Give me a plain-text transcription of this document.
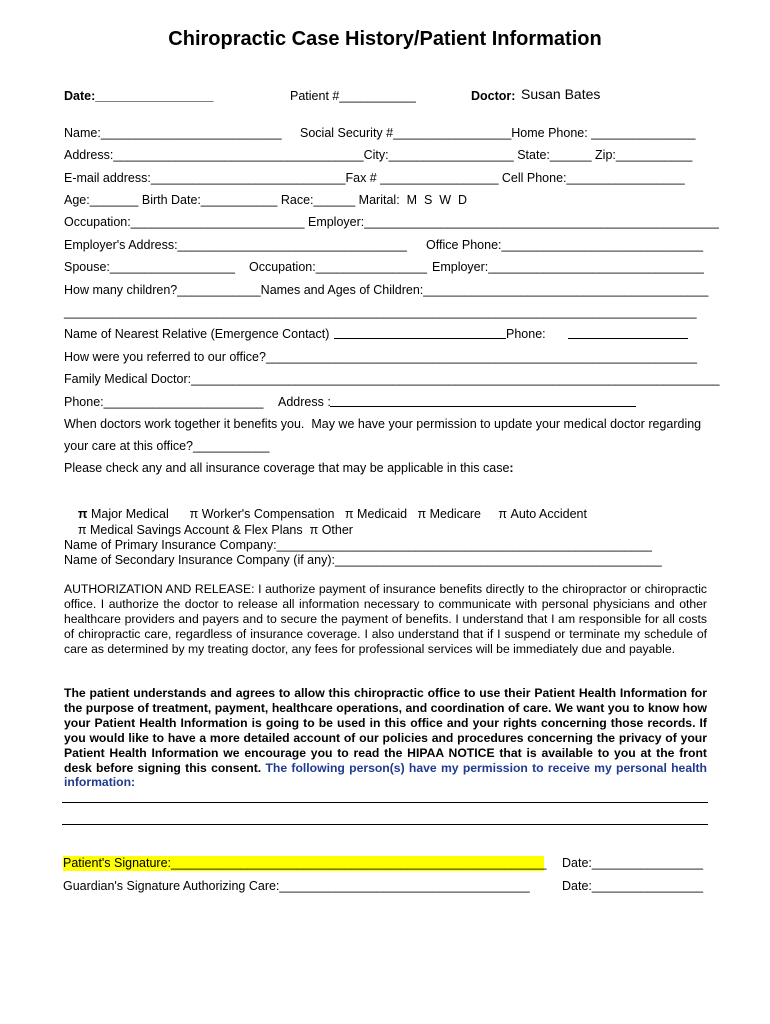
Chiropractic Case History/Patient Information
Date:_________________	Patient #___________	Doctor: Susan Bates
Name:__________________________ Social Security #_________________Home Phone: _______________
Address:____________________________________City:__________________ State:______ Zip:___________
E-mail address:____________________________Fax # _________________ Cell Phone:_________________
Age:_______ Birth Date:___________ Race:______ Marital:  M  S  W  D
Occupation:_________________________ Employer:___________________________________________________
Employer's Address:_________________________________ Office Phone:_____________________________
Spouse:__________________ Occupation:________________ Employer:_______________________________
How many children?____________Names and Ages of Children:_________________________________________
___________________________________________________________________________________________
Name of Nearest Relative (Emergence Contact)	Phone:
How were you referred to our office?______________________________________________________________
Family Medical Doctor:____________________________________________________________________________
Phone:_______________________ Address :
When doctors work together it benefits you.  May we have your permission to update your medical doctor regarding
your care at this office?___________
Please check any and all insurance coverage that may be applicable in this case:

π Major Medical π Worker's Compensation π Medicaid π Medicare π Auto Accident

π Medical Savings Account & Flex Plans π Other

Name of Primary Insurance Company:______________________________________________________
Name of Secondary Insurance Company (if any):_______________________________________________
AUTHORIZATION AND RELEASE: I authorize payment of insurance benefits directly to the chiropractor or chiropractic office. I authorize the doctor to release all information necessary to communicate with personal physicians and other healthcare providers and payers and to secure the payment of benefits. I understand that I am responsible for all costs of chiropractic care, regardless of insurance coverage. I also understand that if I suspend or terminate my schedule of care as determined by my treating doctor, any fees for professional services will be immediately due and payable.
The patient understands and agrees to allow this chiropractic office to use their Patient Health Information for the purpose of treatment, payment, healthcare operations, and coordination of care. We want you to know how your Patient Health Information is going to be used in this office and your rights concerning those records. If you would like to have a more detailed account of our policies and procedures concerning the privacy of your Patient Health Information we encourage you to read the HIPAA NOTICE that is available to you at the front desk before signing this consent. The following person(s) have my permission to receive my personal health information:
Patient's Signature:______________________________________________________ Date:________________
Guardian's Signature Authorizing Care:____________________________________	Date:________________
